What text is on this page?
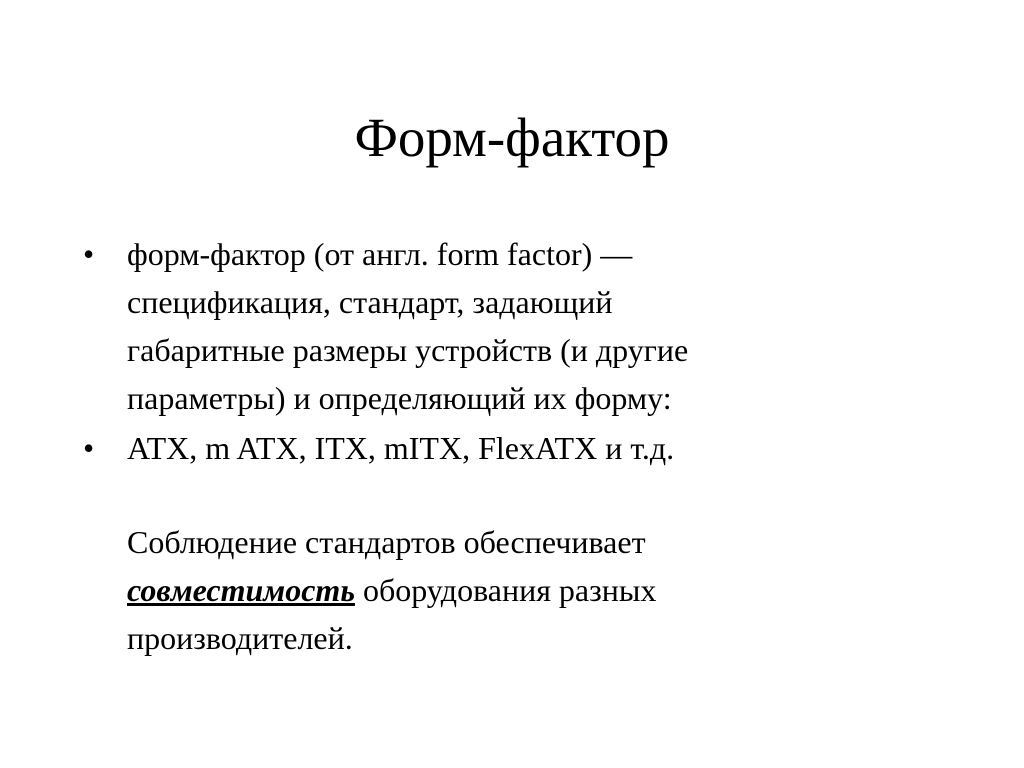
Форм-фактор
• форм-фактор (от англ. form factor) —
спецификация, стандарт, задающий
габаритные размеры устройств (и другие
параметры) и определяющий их форму:
• ATX, m ATX, ITX, mITX, FlexATX и т.д.

Соблюдение стандартов обеспечивает
совместимость оборудования разных
производителей.
